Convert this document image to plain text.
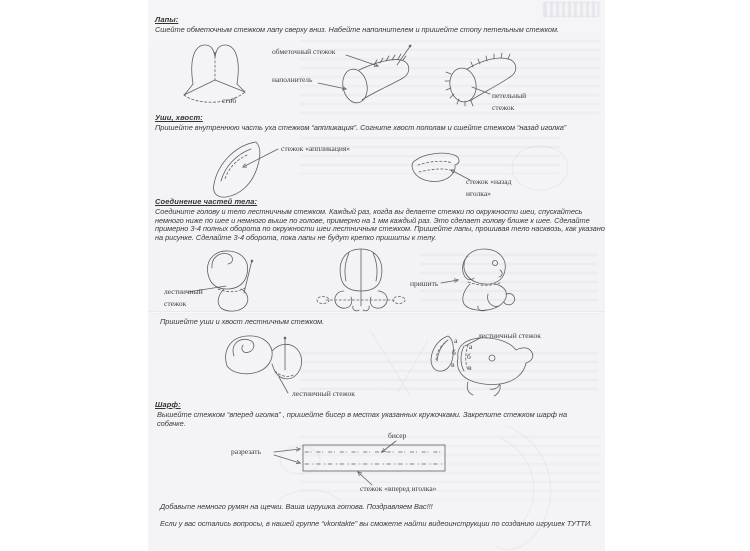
Лапы:
Сшейте обметочным стежком лапу сверху вниз. Набейте наполнителем и пришейте стопу петельным стежком.
сгиб
обметочный стежок
наполнитель
петельный
стежок
Уши, хвост:
Пришейте внутреннюю часть уха стежком “аппликация”. Согните хвост пополам и сшейте стежком “назад иголка”
стежок «аппликация»
стежок «назад
иголка»
Соединение частей тела:
Соедините голову и тело лестничным стежком. Каждый раз, когда вы делаете стежки по окружности шеи, спускайтесь немного ниже по шее и немного выше по голове, примерно на 1 мм каждый раз. Это сделает голову ближе к шее. Сделайте примерно 3-4 полных оборота по окружности шеи лестничным стежком. Пришейте лапы, прошивая тело насквозь, как указано на рисунке. Сделайте 3-4 оборота, пока лапы не будут крепко пришиты к телу.
лестничный
стежок
пришить
Пришейте уши и хвост лестничным стежком.
лестничный стежок
а
б
в
а
б
в
лестничный стежок
Шарф:
Вышейте стежком “вперед иголка” , пришейте бисер в местах указанных кружочками. Закрепите стежком шарф на собачке.
бисер
разрезать
стежок «вперед иголка»
Добавьте немного румян на щечки. Ваша игрушка готова. Поздравляем Вас!!!
Если у вас остались вопросы, в нашей группе “vkontakte” вы сможете найти видеоинструкции по созданию игрушек ТУТТИ.
